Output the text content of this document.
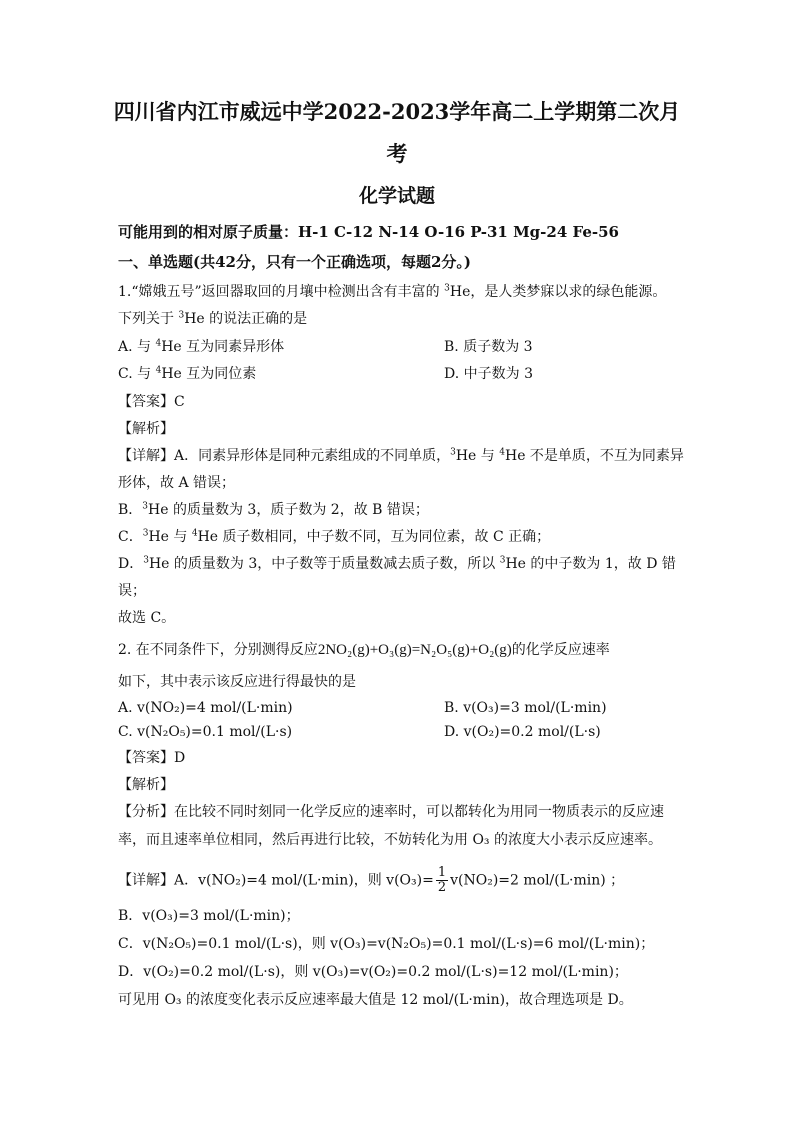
四川省内江市威远中学2022-2023学年高二上学期第二次月
考
化学试题
可能用到的相对原子质量：H-1 C-12 N-14 O-16 P-31 Mg-24 Fe-56
一、单选题(共42分，只有一个正确选项，每题2分。)
1.“嫦娥五号”返回器取回的月壤中检测出含有丰富的 $^3$He，是人类梦寐以求的绿色能源。
下列关于 $^3$He 的说法正确的是
A. 与 $^4$He 互为同素异形体	B. 质子数为 3
C. 与 $^4$He 互为同位素	D. 中子数为 3
【答案】C
【解析】
【详解】A．同素异形体是同种元素组成的不同单质，$^3$He 与 $^4$He 不是单质，不互为同素异
形体，故 A 错误；
B．$^3$He 的质量数为 3，质子数为 2，故 B 错误；
C．$^3$He 与 $^4$He 质子数相同，中子数不同，互为同位素，故 C 正确；
D．$^3$He 的质量数为 3，中子数等于质量数减去质子数，所以 $^3$He 的中子数为 1，故 D 错
误；
故选 C。
2. 在不同条件下，分别测得反应2NO₂(g)+O₃(g)=N₂O₅(g)+O₂(g)的化学反应速率
如下，其中表示该反应进行得最快的是
A. v(NO₂)=4 mol/(L·min)	B. v(O₃)=3 mol/(L·min)
C. v(N₂O₅)=0.1 mol/(L·s)	D. v(O₂)=0.2 mol/(L·s)
【答案】D
【解析】
【分析】在比较不同时刻同一化学反应的速率时，可以都转化为用同一物质表示的反应速
率，而且速率单位相同，然后再进行比较，不妨转化为用 O₃ 的浓度大小表示反应速率。
【详解】A．v(NO₂)=4 mol/(L·min)，则 $v(O_3)= \frac{1}{2} v(NO_2)=2$ mol/(L·min) ；
B．v(O₃)=3 mol/(L·min)；
C．v(N₂O₅)=0.1 mol/(L·s)，则 v(O₃)=v(N₂O₅)=0.1 mol/(L·s)=6 mol/(L·min)；
D．v(O₂)=0.2 mol/(L·s)，则 v(O₃)=v(O₂)=0.2 mol/(L·s)=12 mol/(L·min)；
可见用 O₃ 的浓度变化表示反应速率最大值是 12 mol/(L·min)，故合理选项是 D。
